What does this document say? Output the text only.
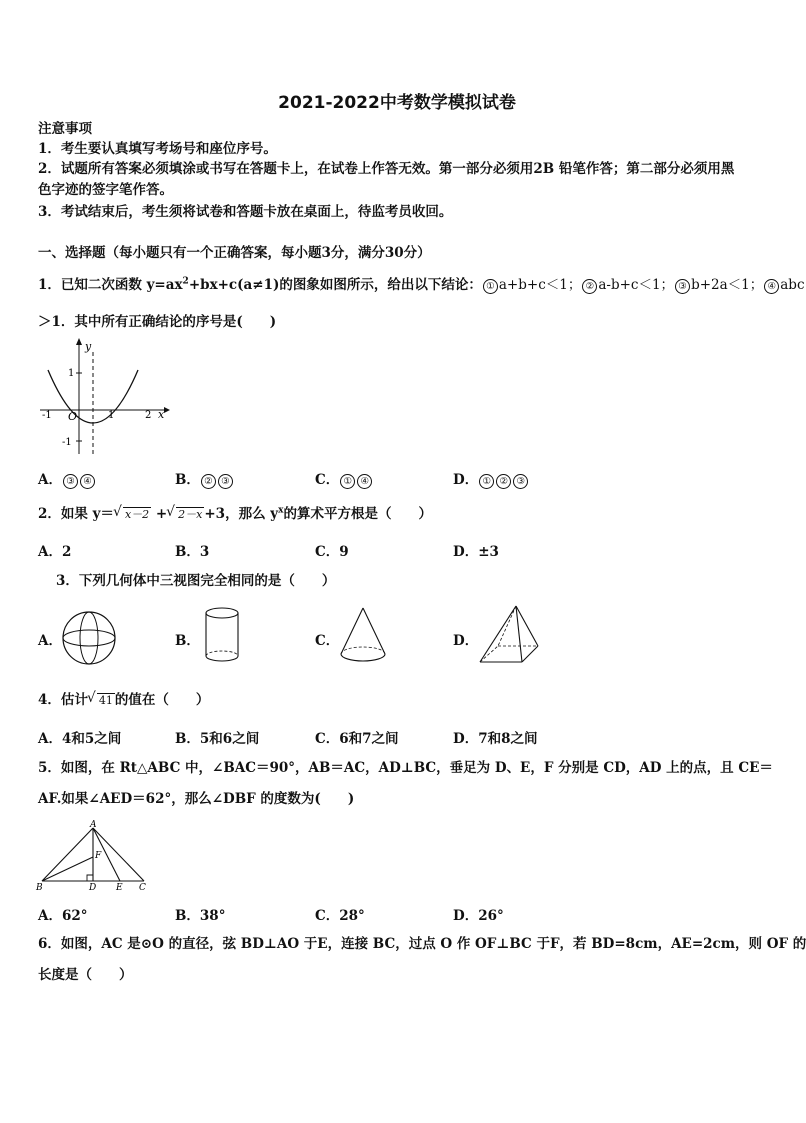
2021-2022中考数学模拟试卷
注意事项
1．考生要认真填写考场号和座位序号。
2．试题所有答案必须填涂或书写在答题卡上，在试卷上作答无效。第一部分必须用2B 铅笔作答；第二部分必须用黑
色字迹的签字笔作答。
3．考试结束后，考生须将试卷和答题卡放在桌面上，待监考员收回。
一、选择题（每小题只有一个正确答案，每小题3分，满分30分）
1．已知二次函数 $y=ax^2+bx+c(a\ne 1)$的图象如图所示，给出以下结论： ① a+b+c＜1； ② a-b+c＜1； ③ b+2a＜1； ④ abc
＞1．其中所有正确结论的序号是(　　)
y
x
O
-1	1	2
1
-1
A． ③ ④	B． ② ③	C． ① ④	D． ① ② ③
2．如果 y＝ √ x－2 + √ 2－x +3，那么 $y^x$的算术平方根是（　　）
A．2	B．3	C．9	D．±3
3．下列几何体中三视图完全相同的是（　　）
A．	B．	C．	D．
4．估计 √ 41 的值在（　　）
A．4和5之间	B．5和6之间	C．6和7之间	D．7和8之间
5．如图，在 Rt△ABC 中，∠BAC＝90°，AB＝AC，AD⊥BC，垂足为 D、E，F 分别是 CD，AD 上的点，且 CE＝
AF.如果∠AED＝62°，那么∠DBF 的度数为(　　)
A
B	D E C
F
A．62°	B．38°	C．28°	D．26°
6．如图，AC 是⊙O 的直径，弦 BD⊥AO 于E，连接 BC，过点 O 作 OF⊥BC 于F，若 BD=8cm，AE=2cm，则 OF 的
长度是（　　）
